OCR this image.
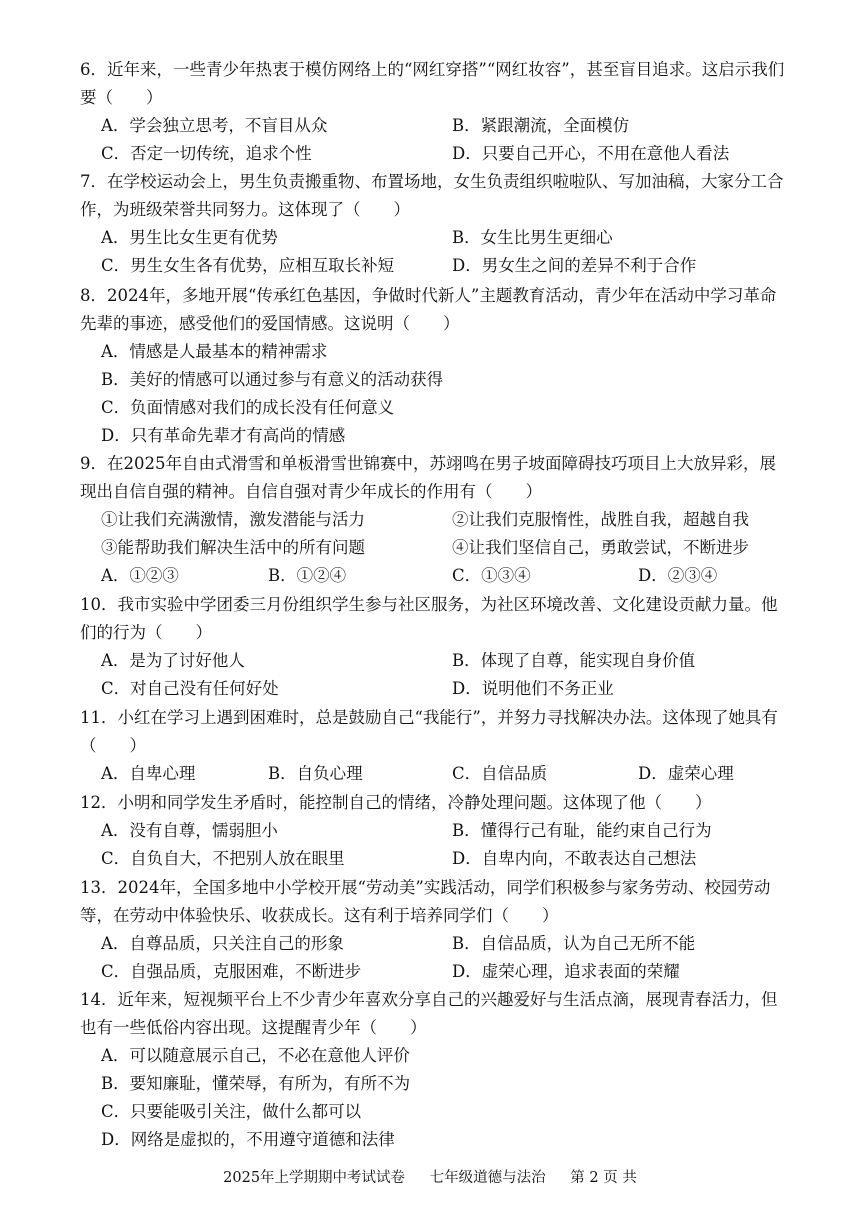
6．近年来，一些青少年热衷于模仿网络上的“网红穿搭”“网红妆容”，甚至盲目追求。这启示我们要（　　）
A．学会独立思考，不盲目从众	B．紧跟潮流，全面模仿
C．否定一切传统，追求个性	D．只要自己开心，不用在意他人看法
7．在学校运动会上，男生负责搬重物、布置场地，女生负责组织啦啦队、写加油稿，大家分工合作，为班级荣誉共同努力。这体现了（　　）
A．男生比女生更有优势	B．女生比男生更细心
C．男生女生各有优势，应相互取长补短	D．男女生之间的差异不利于合作
8．2024年，多地开展“传承红色基因，争做时代新人”主题教育活动，青少年在活动中学习革命先辈的事迹，感受他们的爱国情感。这说明（　　）
A．情感是人最基本的精神需求
B．美好的情感可以通过参与有意义的活动获得
C．负面情感对我们的成长没有任何意义
D．只有革命先辈才有高尚的情感
9．在2025年自由式滑雪和单板滑雪世锦赛中，苏翊鸣在男子坡面障碍技巧项目上大放异彩，展现出自信自强的精神。自信自强对青少年成长的作用有（　　）
①让我们充满激情，激发潜能与活力	②让我们克服惰性，战胜自我，超越自我
③能帮助我们解决生活中的所有问题	④让我们坚信自己，勇敢尝试，不断进步
A．①②③	B．①②④	C．①③④	D．②③④
10．我市实验中学团委三月份组织学生参与社区服务，为社区环境改善、文化建设贡献力量。他们的行为（　　）
A．是为了讨好他人	B．体现了自尊，能实现自身价值
C．对自己没有任何好处	D．说明他们不务正业
11．小红在学习上遇到困难时，总是鼓励自己“我能行”，并努力寻找解决办法。这体现了她具有（　　）
A．自卑心理	B．自负心理	C．自信品质	D．虚荣心理
12．小明和同学发生矛盾时，能控制自己的情绪，冷静处理问题。这体现了他（　　）
A．没有自尊，懦弱胆小	B．懂得行己有耻，能约束自己行为
C．自负自大，不把别人放在眼里	D．自卑内向，不敢表达自己想法
13．2024年，全国多地中小学校开展“劳动美”实践活动，同学们积极参与家务劳动、校园劳动等，在劳动中体验快乐、收获成长。这有利于培养同学们（　　）
A．自尊品质，只关注自己的形象	B．自信品质，认为自己无所不能
C．自强品质，克服困难，不断进步	D．虚荣心理，追求表面的荣耀
14．近年来，短视频平台上不少青少年喜欢分享自己的兴趣爱好与生活点滴，展现青春活力，但也有一些低俗内容出现。这提醒青少年（　　）
A．可以随意展示自己，不必在意他人评价
B．要知廉耻，懂荣辱，有所为，有所不为
C．只要能吸引关注，做什么都可以
D．网络是虚拟的，不用遵守道德和法律
2025年上学期期中考试试卷 七年级道德与法治 第 2 页 共
